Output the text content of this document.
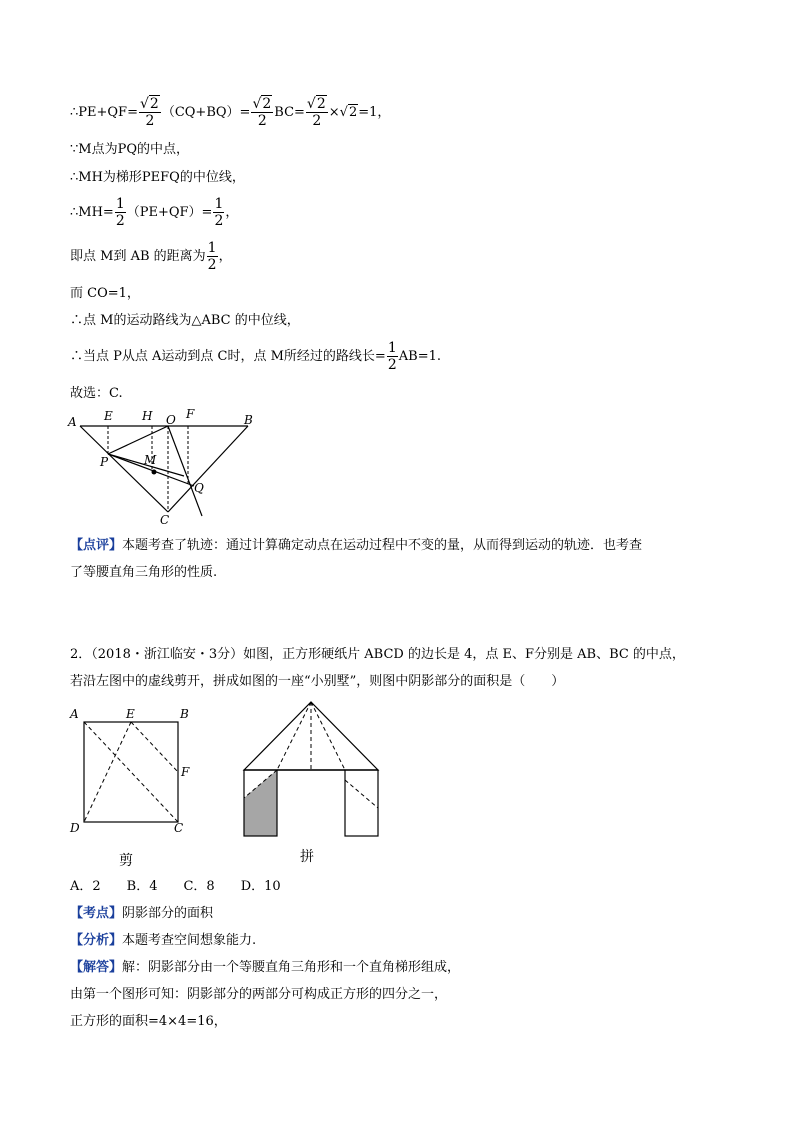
∴PE+QF= $\frac{√2}{2} (CQ+BQ)= \frac{√2}{2} BC= \frac{√2}{2} \times√2=1$，
∵M点为PQ的中点，
∴MH为梯形PEFQ的中位线，
∴MH= $\frac{1}{2} (PE+QF)= \frac{1}{2}$ ，
即点 M到 AB 的距离为 $\frac{1}{2}$ ，
而 CO=1，
∴点 M的运动路线为△ABC 的中位线，
∴当点 P从点 A运动到点 C时，点 M所经过的路线长= $\frac{1}{2} AB=1$.
故选：C.
A E H O F	B
P	M
Q
C
【点评】本题考查了轨迹：通过计算确定动点在运动过程中不变的量，从而得到运动的轨迹．也考查
了等腰直角三角形的性质.
2．（2018・浙江临安・3分）如图，正方形硬纸片 ABCD 的边长是 4，点 E、F分别是 AB、BC 的中点，
若沿左图中的虚线剪开，拼成如图的一座“小别墅”，则图中阴影部分的面积是（　　）
A	E	B
F
D	C
剪	拼
A．2　　B．4　　C．8　　D．10
【考点】阴影部分的面积
【分析】本题考查空间想象能力.
【解答】解：阴影部分由一个等腰直角三角形和一个直角梯形组成，
由第一个图形可知：阴影部分的两部分可构成正方形的四分之一，
正方形的面积=4×4=16，
